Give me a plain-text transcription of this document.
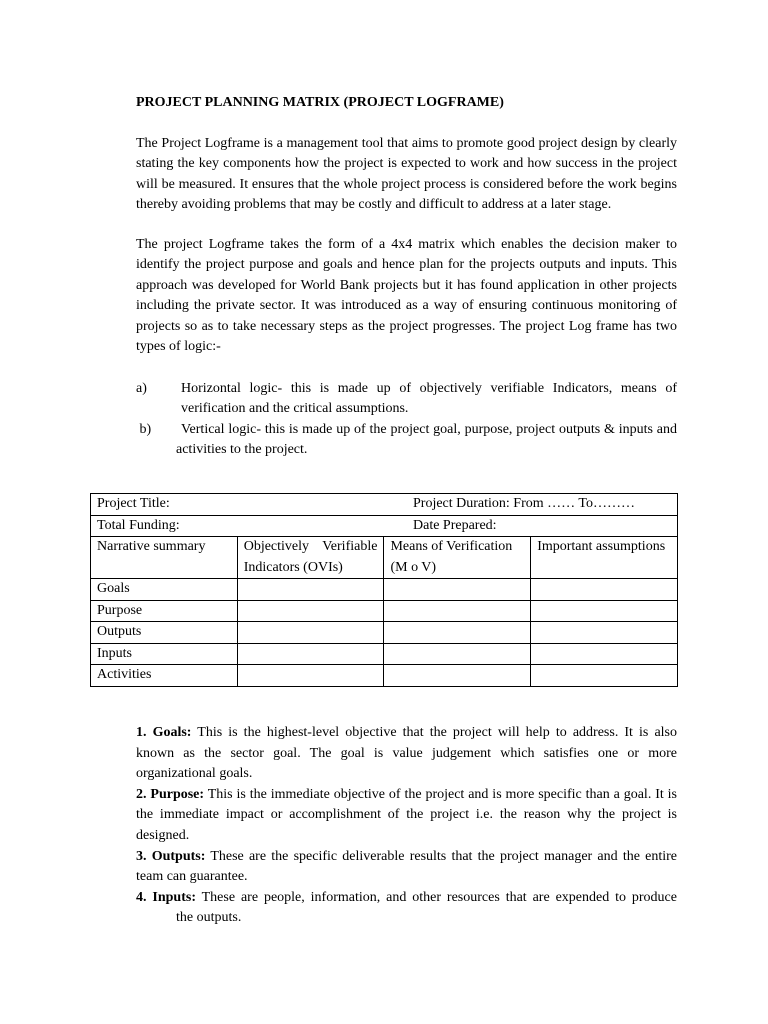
PROJECT PLANNING MATRIX (PROJECT LOGFRAME)

The Project Logframe is a management tool that aims to promote good project design by clearly stating the key components how the project is expected to work and how success in the project will be measured. It ensures that the whole project process is considered before the work begins thereby avoiding problems that may be costly and difficult to address at a later stage.

The project Logframe takes the form of a 4x4 matrix which enables the decision maker to identify the project purpose and goals and hence plan for the projects outputs and inputs. This approach was developed for World Bank projects but it has found application in other projects including the private sector. It was introduced as a way of ensuring continuous monitoring of projects so as to take necessary steps as the project progresses. The project Log frame has two types of logic:-

a) Horizontal logic- this is made up of objectively verifiable Indicators, means of verification and the critical assumptions.
b) Vertical logic- this is made up of the project goal, purpose, project outputs & inputs and activities to the project.

1. Goals: This is the highest-level objective that the project will help to address. It is also known as the sector goal. The goal is value judgement which satisfies one or more organizational goals.

2. Purpose: This is the immediate objective of the project and is more specific than a goal. It is the immediate impact or accomplishment of the project i.e. the reason why the project is designed.

3. Outputs: These are the specific deliverable results that the project manager and the entire team can guarantee.

4. Inputs: These are people, information, and other resources that are expended to produce the outputs.

Project Title: Project Duration: From …… To………			

Total Funding: Date Prepared:			

Narrative summary	Objectively Verifiable Indicators (OVIs)	Means of Verification (M o V)	Important assumptions
Goals			
Purpose			
Outputs			
Inputs			
Activities			
